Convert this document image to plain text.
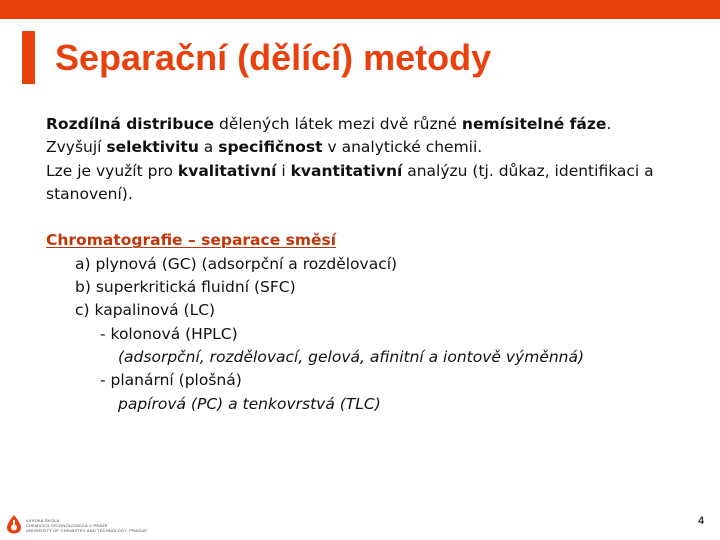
Separační (dělící) metody
Rozdílná distribuce dělených látek mezi dvě různé nemísitelné fáze.
Zvyšují selektivitu a specifičnost v analytické chemii.
Lze je využít pro kvalitativní i kvantitativní analýzu (tj. důkaz, identifikaci a
stanovení).
Chromatografie – separace směsí
a) plynová (GC) (adsorpční a rozdělovací)
b) superkritická fluidní (SFC)
c) kapalinová (LC)
- kolonová (HPLC)
(adsorpční, rozdělovací, gelová, afinitní a iontově výměnná)
- planární (plošná)
papírová (PC) a tenkovrstvá (TLC)
VYSOKÁ ŠKOLA
CHEMICKO-TECHNOLOGICKÁ V PRAZE
UNIVERSITY OF CHEMISTRY AND TECHNOLOGY, PRAGUE
4
